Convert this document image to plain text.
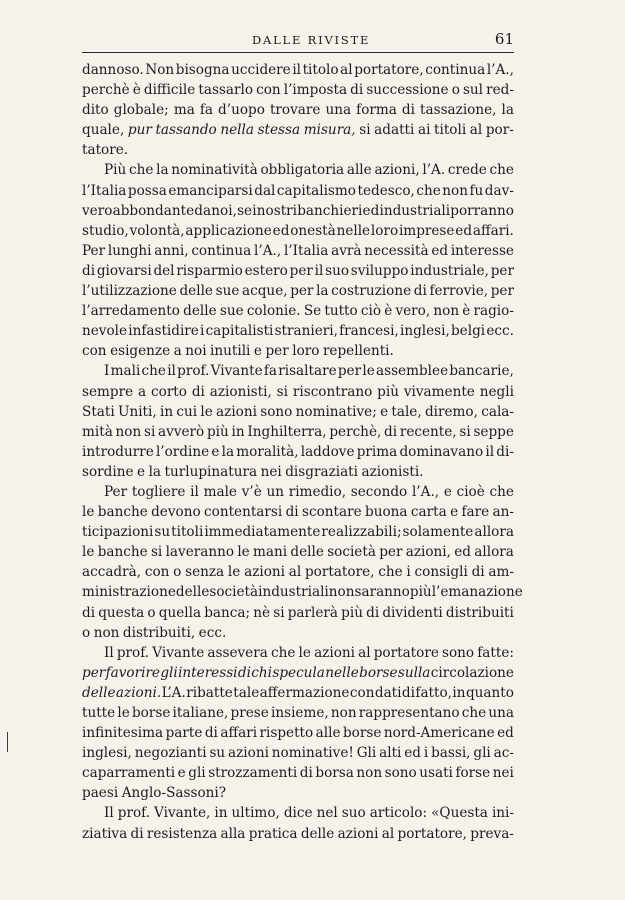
DALLE RIVISTE	61
dannoso. Non bisogna uccidere il titolo al portatore, continua l’A.,
perchè è difficile tassarlo con l’imposta di successione o sul red-
dito globale; ma fa d’uopo trovare una forma di tassazione, la
quale, pur tassando nella stessa misura, si adatti ai titoli al por-
tatore.
Più che la nominatività obbligatoria alle azioni, l’A. crede che
l’Italia possa emanciparsi dal capitalismo tedesco, che non fu dav-
vero abbondante da noi, se i nostri banchieri ed industriali porranno
studio, volontà, applicazione ed onestà nelle loro imprese ed affari.
Per lunghi anni, continua l’A., l’Italia avrà necessità ed interesse
di giovarsi del risparmio estero per il suo sviluppo industriale, per
l’utilizzazione delle sue acque, per la costruzione di ferrovie, per
l’arredamento delle sue colonie. Se tutto ciò è vero, non è ragio-
nevole infastidire i capitalisti stranieri, francesi, inglesi, belgi ecc.
con esigenze a noi inutili e per loro repellenti.
I mali che il prof. Vivante fa risaltare per le assemblee bancarie,
sempre a corto di azionisti, si riscontrano più vivamente negli
Stati Uniti, in cui le azioni sono nominative; e tale, diremo, cala-
mità non si avverò più in Inghilterra, perchè, di recente, si seppe
introdurre l’ordine e la moralità, laddove prima dominavano il di-
sordine e la turlupinatura nei disgraziati azionisti.
Per togliere il male v’è un rimedio, secondo l’A., e cioè che
le banche devono contentarsi di scontare buona carta e fare an-
ticipazioni su titoli immediatamente realizzabili; solamente allora
le banche si laveranno le mani delle società per azioni, ed allora
accadrà, con o senza le azioni al portatore, che i consigli di am-
ministrazione delle società industriali non saranno più l’emanazione
di questa o quella banca; nè si parlerà più di dividenti distribuiti
o non distribuiti, ecc.
Il prof. Vivante assevera che le azioni al portatore sono fatte:
per favorire gli interessi di chi specula nelle borse sulla circolazione
delle azioni. L’A. ribatte tale affermazione con dati di fatto, in quanto
tutte le borse italiane, prese insieme, non rappresentano che una
infinitesima parte di affari rispetto alle borse nord-Americane ed
inglesi, negozianti su azioni nominative! Gli alti ed i bassi, gli ac-
caparramenti e gli strozzamenti di borsa non sono usati forse nei
paesi Anglo-Sassoni?
Il prof. Vivante, in ultimo, dice nel suo articolo: «Questa ini-
ziativa di resistenza alla pratica delle azioni al portatore, preva-
